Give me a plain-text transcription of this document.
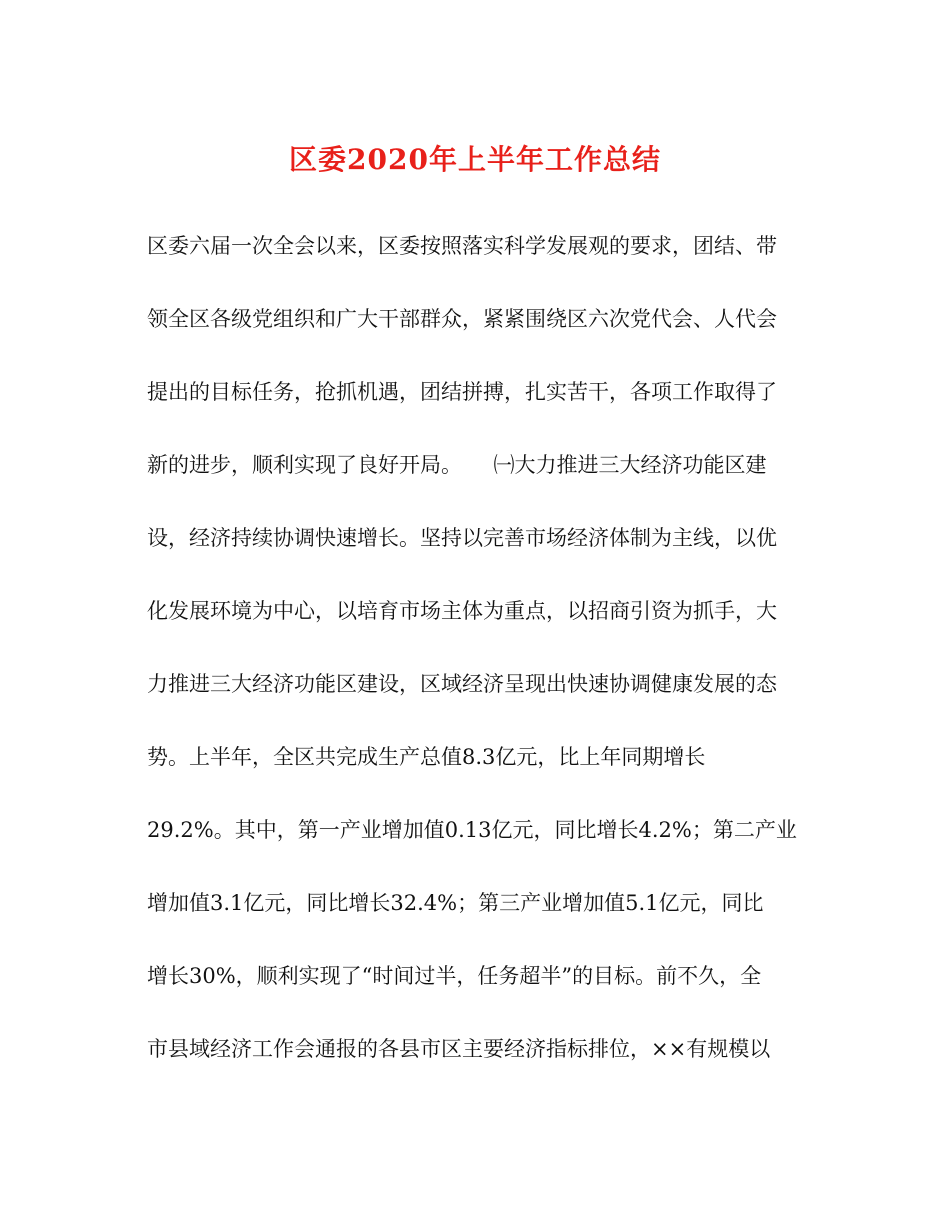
区委2020年上半年工作总结
区委六届一次全会以来，区委按照落实科学发展观的要求，团结、带
领全区各级党组织和广大干部群众，紧紧围绕区六次党代会、人代会
提出的目标任务，抢抓机遇，团结拼搏，扎实苦干，各项工作取得了
新的进步，顺利实现了良好开局。　　㈠大力推进三大经济功能区建
设，经济持续协调快速增长。坚持以完善市场经济体制为主线，以优
化发展环境为中心，以培育市场主体为重点，以招商引资为抓手，大
力推进三大经济功能区建设，区域经济呈现出快速协调健康发展的态
势。上半年，全区共完成生产总值8.3亿元，比上年同期增长
29.2%。其中，第一产业增加值0.13亿元，同比增长4.2%；第二产业
增加值3.1亿元，同比增长32.4%；第三产业增加值5.1亿元，同比
增长30%，顺利实现了“时间过半，任务超半”的目标。前不久，全
市县域经济工作会通报的各县市区主要经济指标排位，××有规模以
